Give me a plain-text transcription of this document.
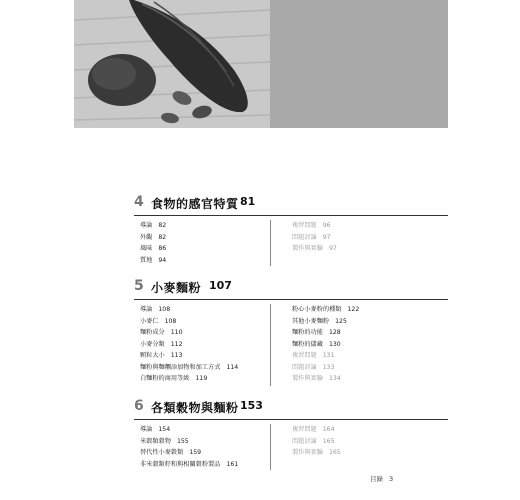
4 食物的感官特質 81
導論 82
外觀 82
風味 86
質地 94
複習問題 96
問題討論 97
製作與實驗 97
5 小麥麵粉 107
導論 108
小麥仁 108
麵粉成分 110
小麥分類 112
顆粒大小 113
麵粉與麵糰添加物和加工方式 114
白麵粉的商用等級 119
粉心小麥粉的種類 122
其他小麥麵粉 125
麵粉的功能 128
麵粉的儲藏 130
複習問題 131
問題討論 133
製作與實驗 134
6 各類穀物與麵粉 153
導論 154
米穀類穀物 155
替代性小麥穀類 159
非米穀類籽和與相關穀粉製品 161
複習問題 164
問題討論 165
製作與實驗 165
目錄 3
